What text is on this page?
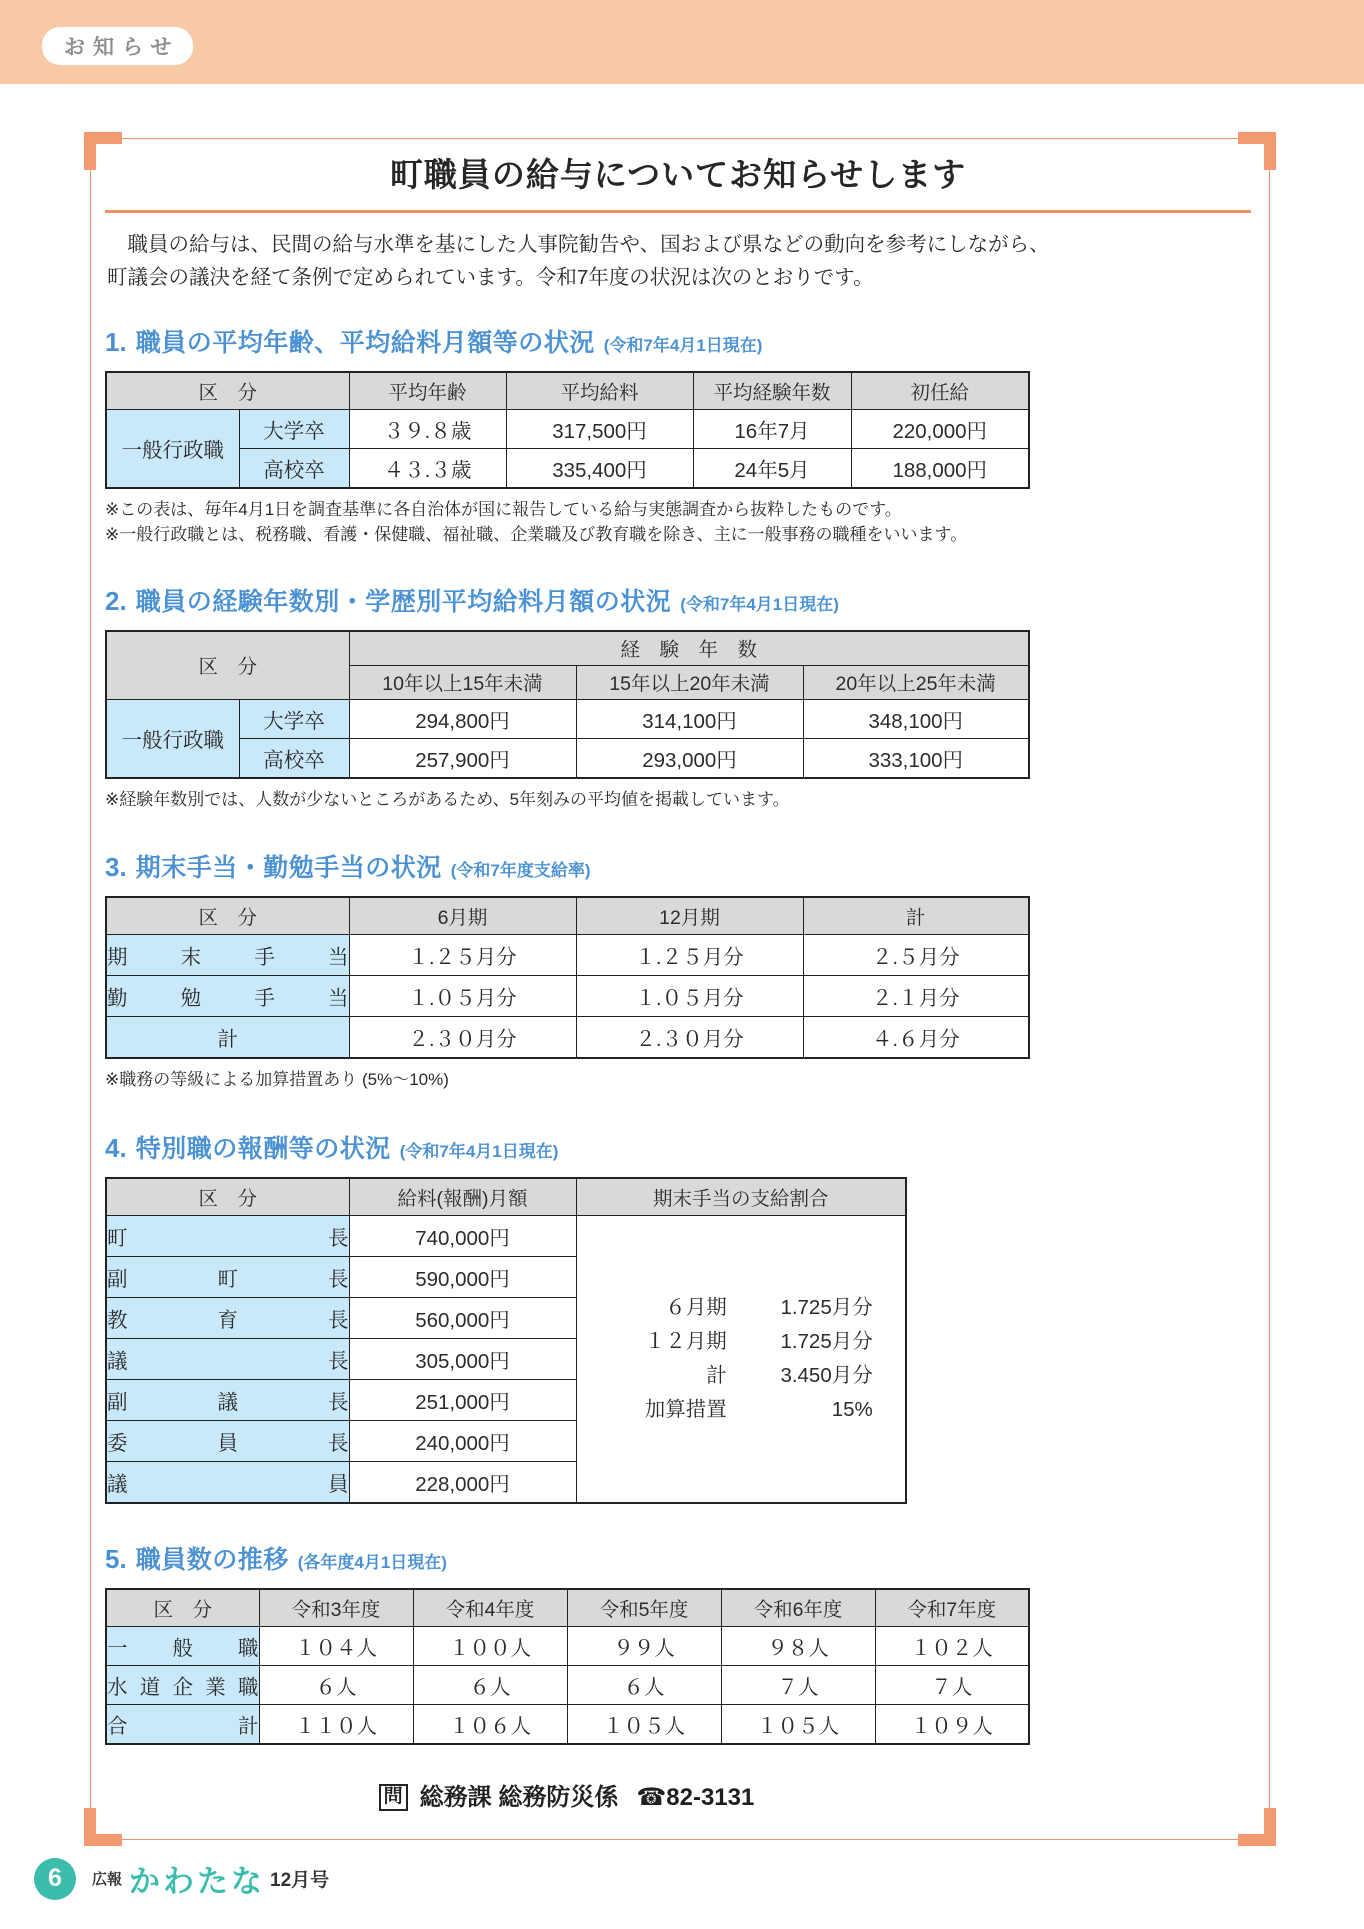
お知らせ
町職員の給与についてお知らせします
　職員の給与は、民間の給与水準を基にした人事院勧告や、国および県などの動向を参考にしながら、
町議会の議決を経て条例で定められています。令和7年度の状況は次のとおりです。
1. 職員の平均年齢、平均給料月額等の状況 (令和7年4月1日現在)
区　分		平均年齢	平均給料	平均経験年数	初任給
一般行政職	大学卒	３９.８歳	317,500円	16年7月	220,000円
	高校卒	４３.３歳	335,400円	24年5月	188,000円
※この表は、毎年4月1日を調査基準に各自治体が国に報告している給与実態調査から抜粋したものです。
※一般行政職とは、税務職、看護・保健職、福祉職、企業職及び教育職を除き、主に一般事務の職種をいいます。
2. 職員の経験年数別・学歴別平均給料月額の状況 (令和7年4月1日現在)
区　分		経　験　年　数		
		10年以上15年未満	15年以上20年未満	20年以上25年未満
一般行政職	大学卒	294,800円	314,100円	348,100円
	高校卒	257,900円	293,000円	333,100円
※経験年数別では、人数が少ないところがあるため、5年刻みの平均値を掲載しています。
3. 期末手当・勤勉手当の状況 (令和7年度支給率)
区　分	6月期	12月期	計
期末手当	１.２５月分	１.２５月分	２.５月分
勤勉手当	１.０５月分	１.０５月分	２.１月分
計	２.３０月分	２.３０月分	４.６月分
※職務の等級による加算措置あり (5%～10%)
4. 特別職の報酬等の状況 (令和7年4月1日現在)
区　分	給料(報酬)月額	期末手当の支給割合
町長	740,000円	
６月期	1.725月分
１２月期	1.725月分
計	3.450月分
加算措置	15%

副町長	590,000円	
教育長	560,000円	
議長	305,000円	
副議長	251,000円	
委員長	240,000円	
議員	228,000円	
5. 職員数の推移 (各年度4月1日現在)
区　分	令和3年度	令和4年度	令和5年度	令和6年度	令和7年度
一般職	１０４人	１００人	９９人	９８人	１０２人
水道企業職	６人	６人	６人	７人	７人
合計	１１０人	１０６人	１０５人	１０５人	１０９人
問 総務課 総務防災係 ☎82-3131
6	広報 かわたな 12月号
